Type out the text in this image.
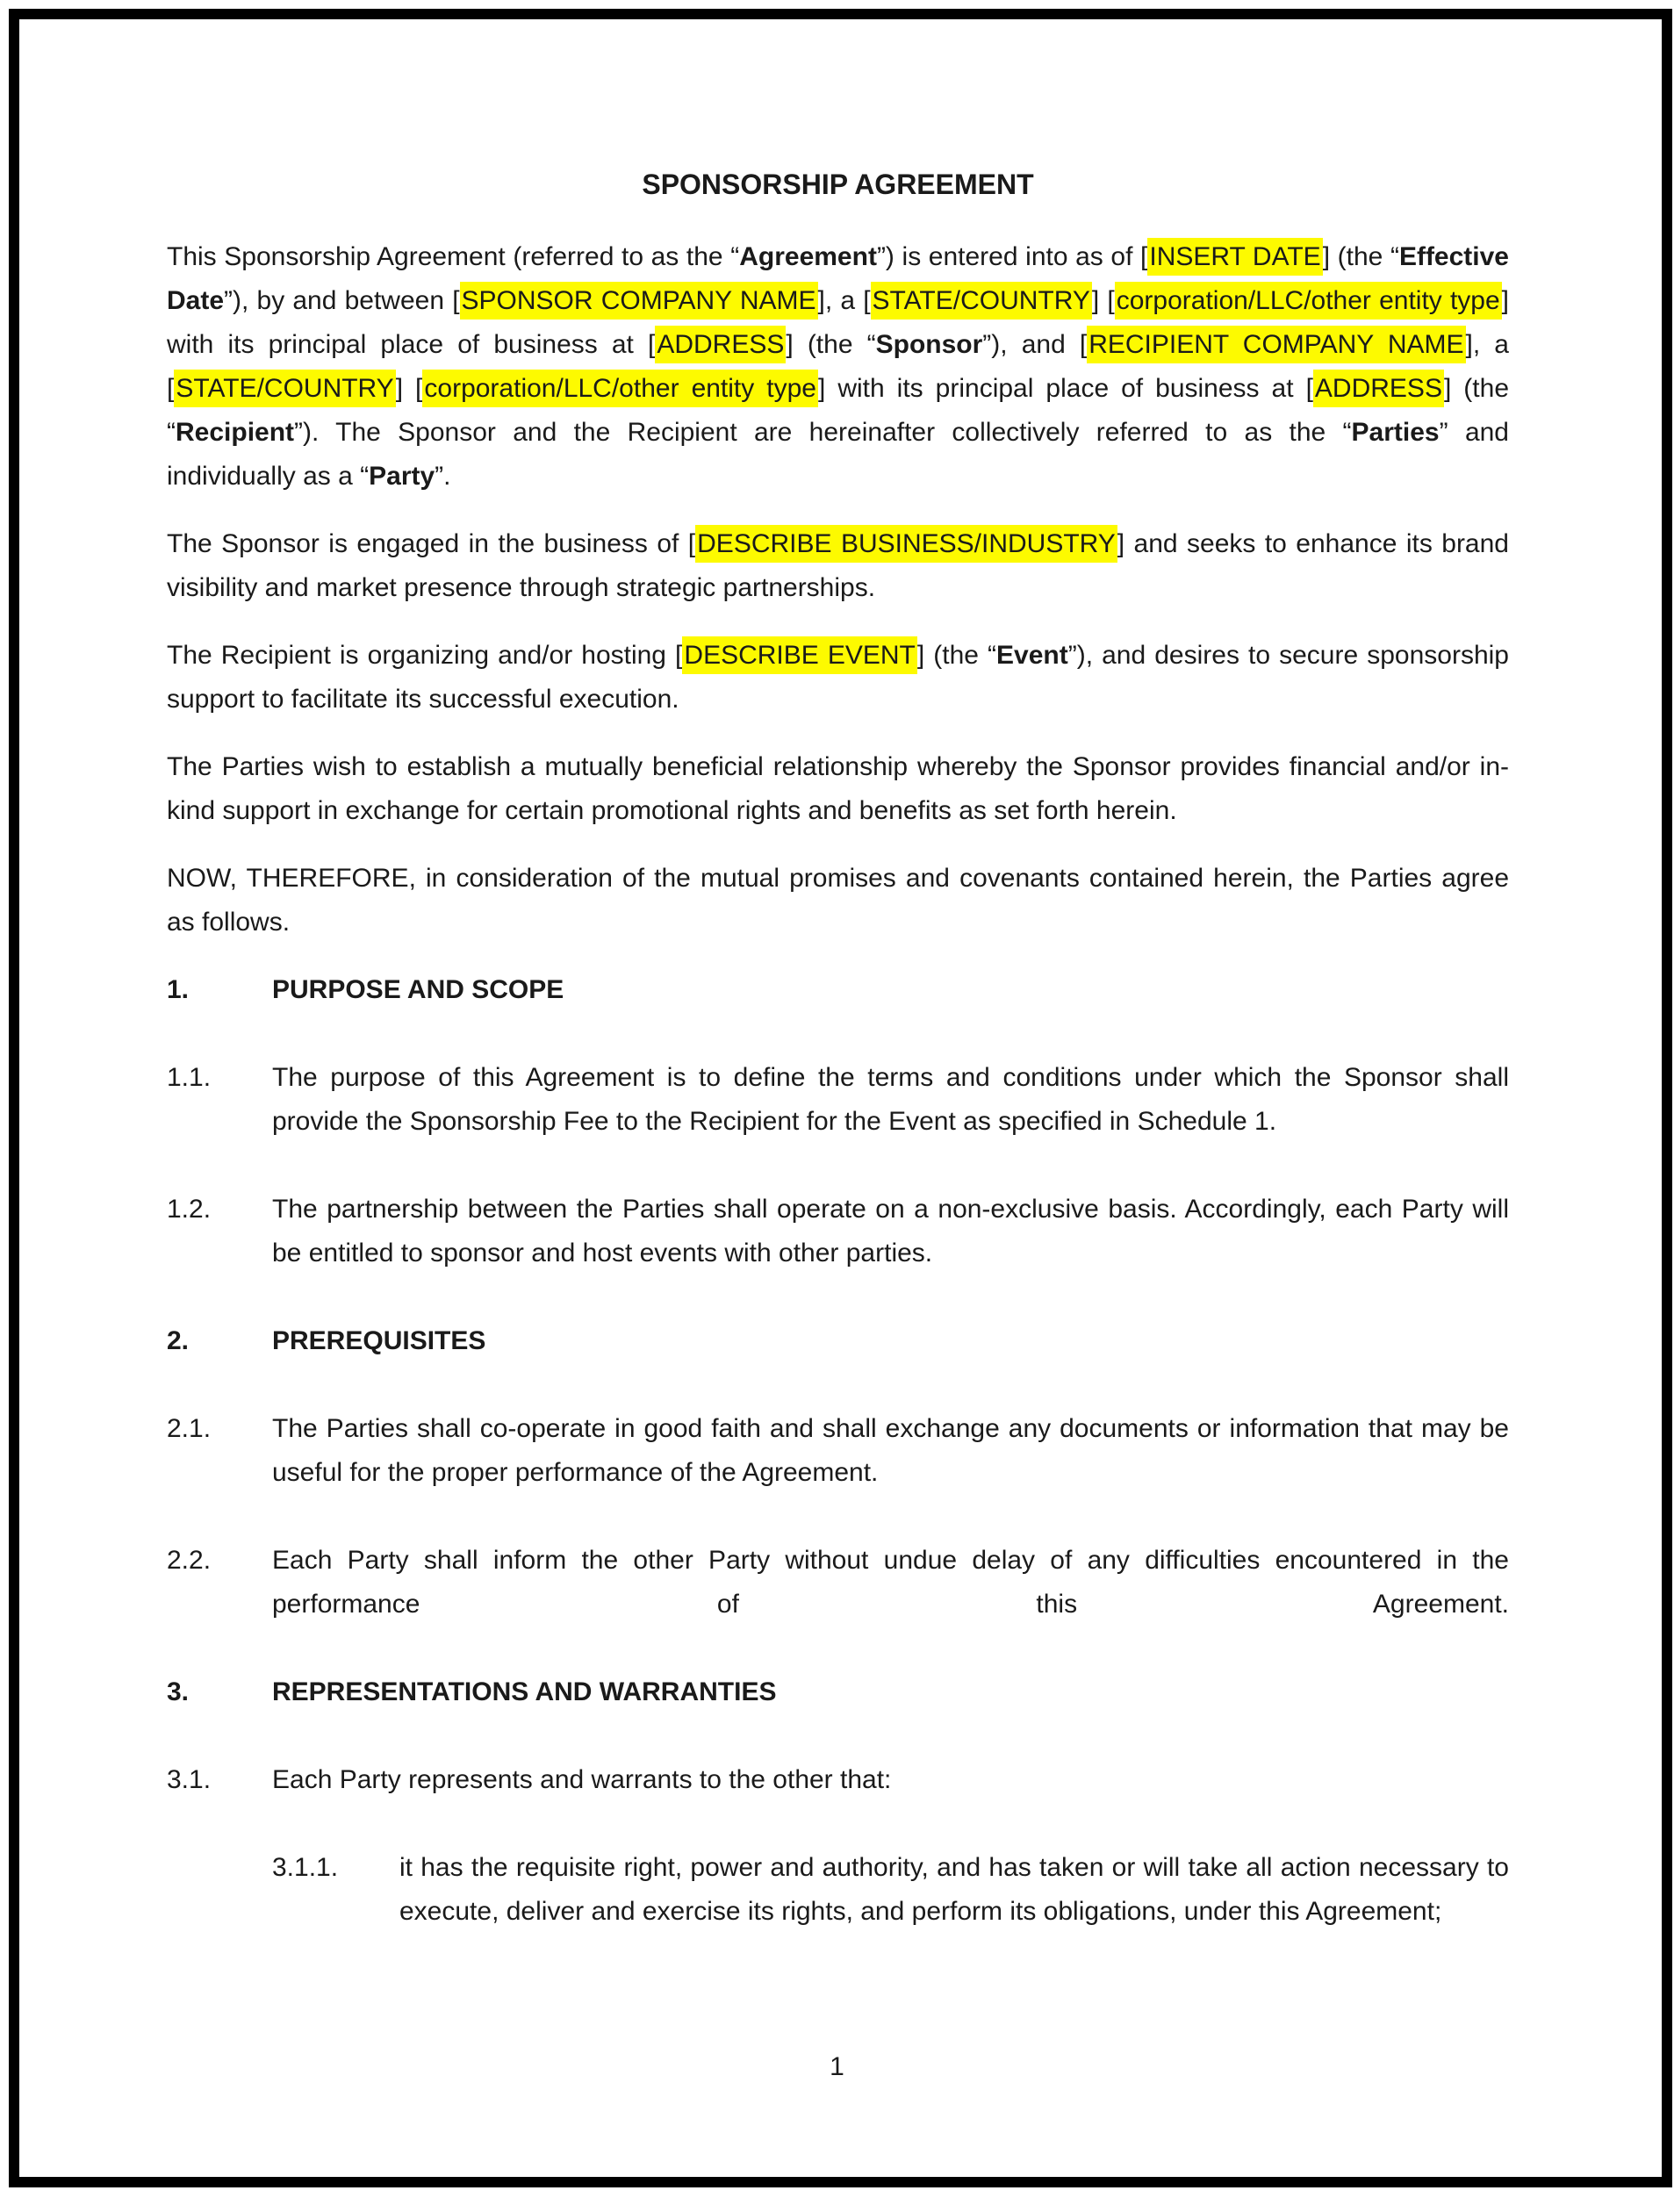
SPONSORSHIP AGREEMENT

This Sponsorship Agreement (referred to as the “Agreement”) is entered into as of [INSERT DATE] (the “Effective Date”), by and between [SPONSOR COMPANY NAME], a [STATE/COUNTRY] [corporation/LLC/other entity type] with its principal place of business at [ADDRESS] (the “Sponsor”), and [RECIPIENT COMPANY NAME], a [STATE/COUNTRY] [corporation/LLC/other entity type] with its principal place of business at [ADDRESS] (the “Recipient”). The Sponsor and the Recipient are hereinafter collectively referred to as the “Parties” and individually as a “Party”.

The Sponsor is engaged in the business of [DESCRIBE BUSINESS/INDUSTRY] and seeks to enhance its brand visibility and market presence through strategic partnerships.

The Recipient is organizing and/or hosting [DESCRIBE EVENT] (the “Event”), and desires to secure sponsorship support to facilitate its successful execution.

The Parties wish to establish a mutually beneficial relationship whereby the Sponsor provides financial and/or in-kind support in exchange for certain promotional rights and benefits as set forth herein.

NOW, THEREFORE, in consideration of the mutual promises and covenants contained herein, the Parties agree as follows.

1.	PURPOSE AND SCOPE
1.1.	The purpose of this Agreement is to define the terms and conditions under which the Sponsor shall provide the Sponsorship Fee to the Recipient for the Event as specified in Schedule 1.
1.2.	The partnership between the Parties shall operate on a non-exclusive basis. Accordingly, each Party will be entitled to sponsor and host events with other parties.
2.	PREREQUISITES
2.1.	The Parties shall co-operate in good faith and shall exchange any documents or information that may be useful for the proper performance of the Agreement.
2.2.	Each Party shall inform the other Party without undue delay of any difficulties encountered in the performance of this Agreement.
3.	REPRESENTATIONS AND WARRANTIES
3.1.	Each Party represents and warrants to the other that:
3.1.1.	it has the requisite right, power and authority, and has taken or will take all action necessary to execute, deliver and exercise its rights, and perform its obligations, under this Agreement;
1
